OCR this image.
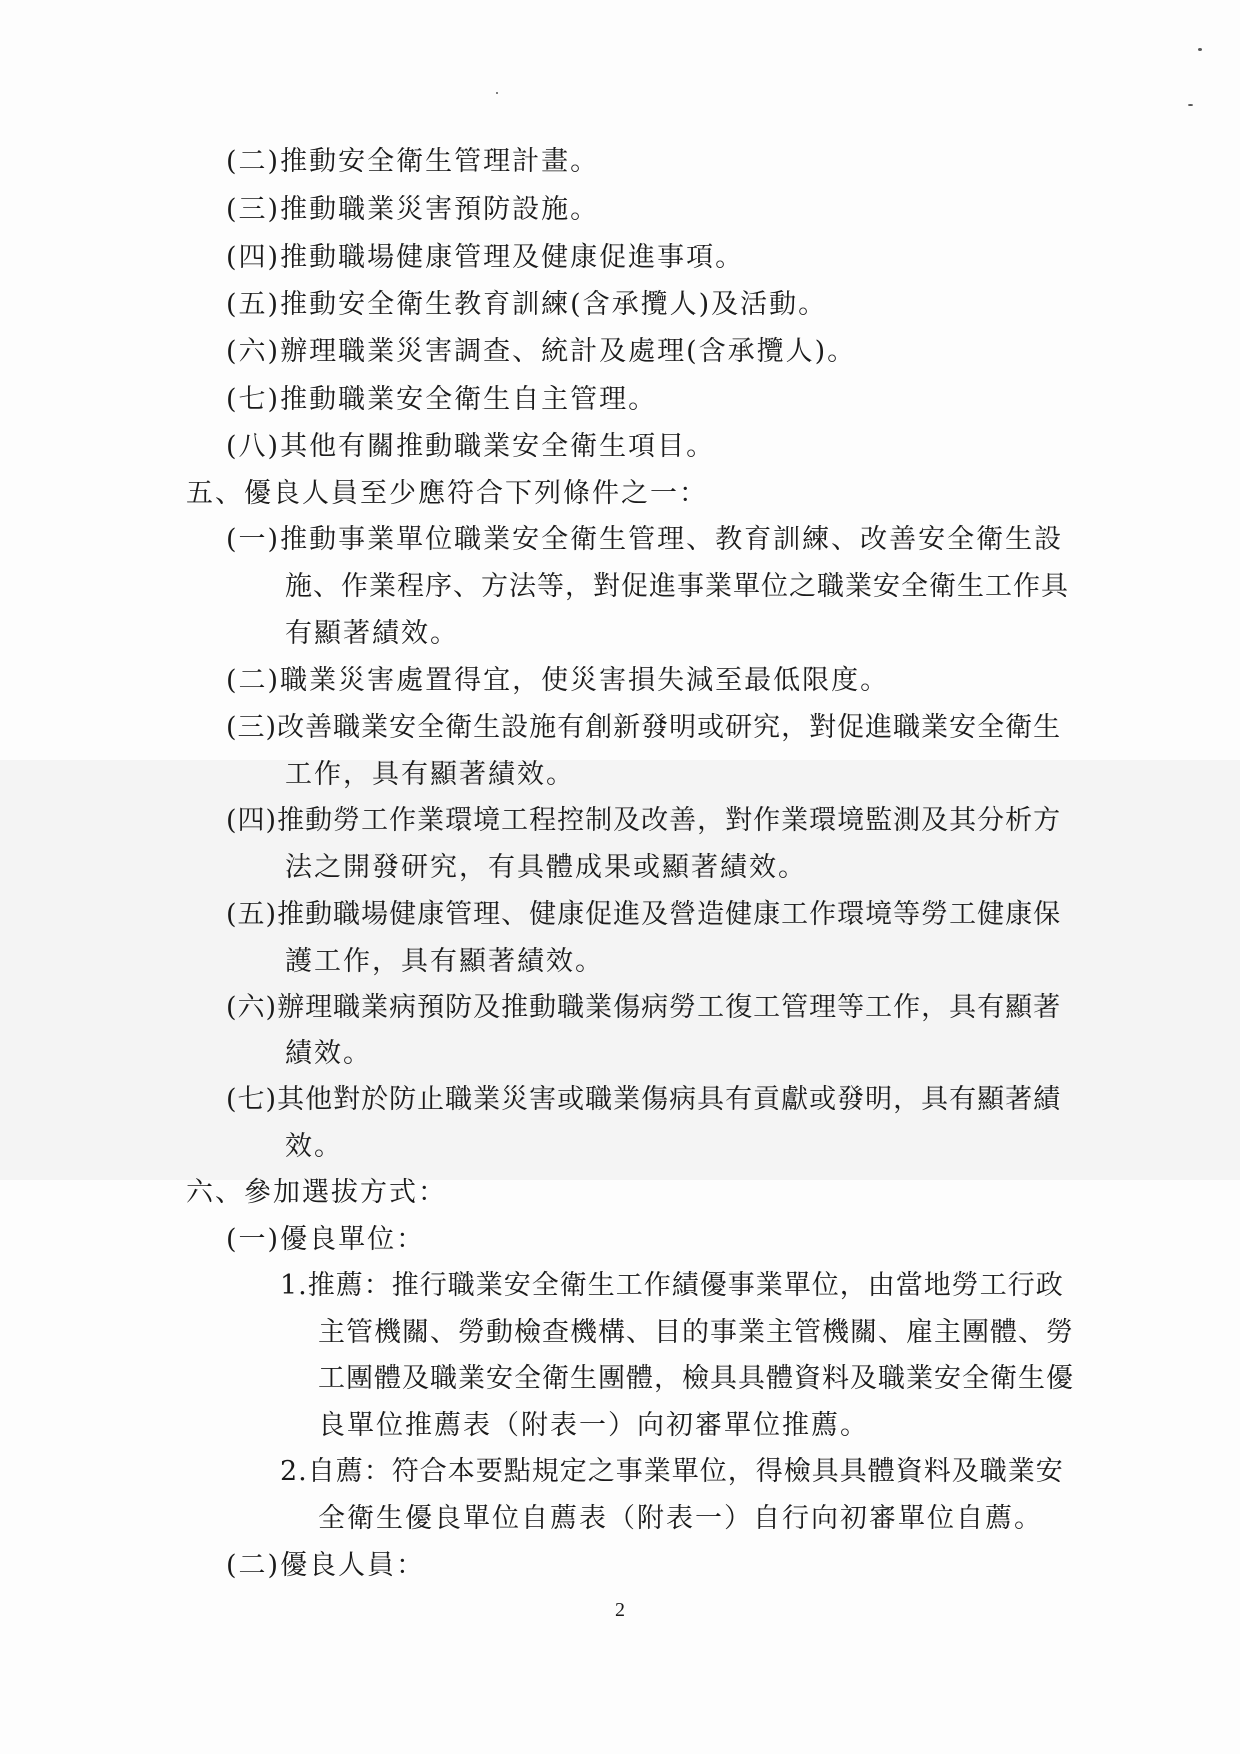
(二)推動安全衛生管理計畫。
(三)推動職業災害預防設施。
(四)推動職場健康管理及健康促進事項。
(五)推動安全衛生教育訓練(含承攬人)及活動。
(六)辦理職業災害調查、統計及處理(含承攬人)。
(七)推動職業安全衛生自主管理。
(八)其他有關推動職業安全衛生項目。
五、優良人員至少應符合下列條件之一：
(一)推動事業單位職業安全衛生管理、教育訓練、改善安全衛生設
施、作業程序、方法等，對促進事業單位之職業安全衛生工作具
有顯著績效。
(二)職業災害處置得宜，使災害損失減至最低限度。
(三)改善職業安全衛生設施有創新發明或研究，對促進職業安全衛生
工作，具有顯著績效。
(四)推動勞工作業環境工程控制及改善，對作業環境監測及其分析方
法之開發研究，有具體成果或顯著績效。
(五)推動職場健康管理、健康促進及營造健康工作環境等勞工健康保
護工作，具有顯著績效。
(六)辦理職業病預防及推動職業傷病勞工復工管理等工作，具有顯著
績效。
(七)其他對於防止職業災害或職業傷病具有貢獻或發明，具有顯著績
效。
六、參加選拔方式：
(一)優良單位：
1.推薦：推行職業安全衛生工作績優事業單位，由當地勞工行政
主管機關、勞動檢查機構、目的事業主管機關、雇主團體、勞
工團體及職業安全衛生團體，檢具具體資料及職業安全衛生優
良單位推薦表（附表一）向初審單位推薦。
2.自薦：符合本要點規定之事業單位，得檢具具體資料及職業安
全衛生優良單位自薦表（附表一）自行向初審單位自薦。
(二)優良人員：
2
